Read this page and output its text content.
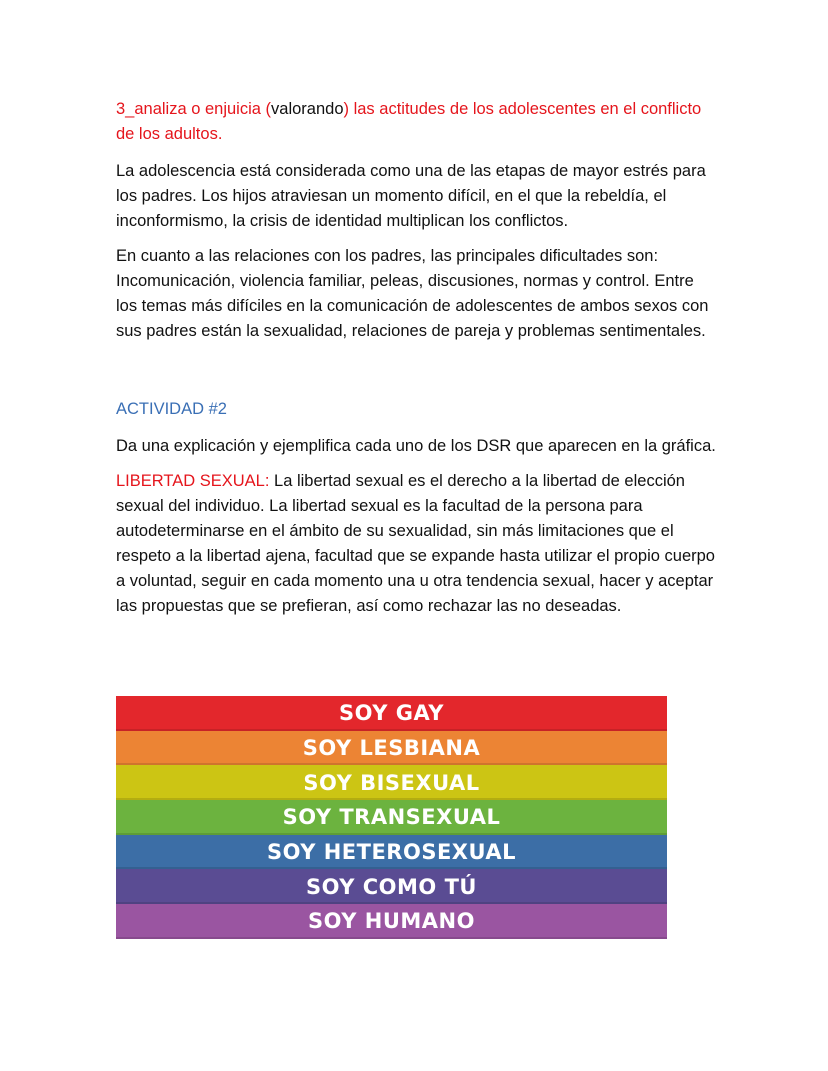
3_analiza o enjuicia (valorando) las actitudes de los adolescentes en el conflicto de los adultos.

La adolescencia está considerada como una de las etapas de mayor estrés para los padres. Los hijos atraviesan un momento difícil, en el que la rebeldía, el inconformismo, la crisis de identidad multiplican los conflictos.

En cuanto a las relaciones con los padres, las principales dificultades son: Incomunicación, violencia familiar, peleas, discusiones, normas y control. Entre los temas más difíciles en la comunicación de adolescentes de ambos sexos con sus padres están la sexualidad, relaciones de pareja y problemas sentimentales.

ACTIVIDAD #2

Da una explicación y ejemplifica cada uno de los DSR que aparecen en la gráfica.

LIBERTAD SEXUAL: La libertad sexual es el derecho a la libertad de elección sexual del individuo. La libertad sexual es la facultad de la persona para autodeterminarse en el ámbito de su sexualidad, sin más limitaciones que el respeto a la libertad ajena, facultad que se expande hasta utilizar el propio cuerpo a voluntad, seguir en cada momento una u otra tendencia sexual, hacer y aceptar las propuestas que se prefieran, así como rechazar las no deseadas.

SOY GAY
SOY LESBIANA
SOY BISEXUAL
SOY TRANSEXUAL
SOY HETEROSEXUAL
SOY COMO TÚ
SOY HUMANO
